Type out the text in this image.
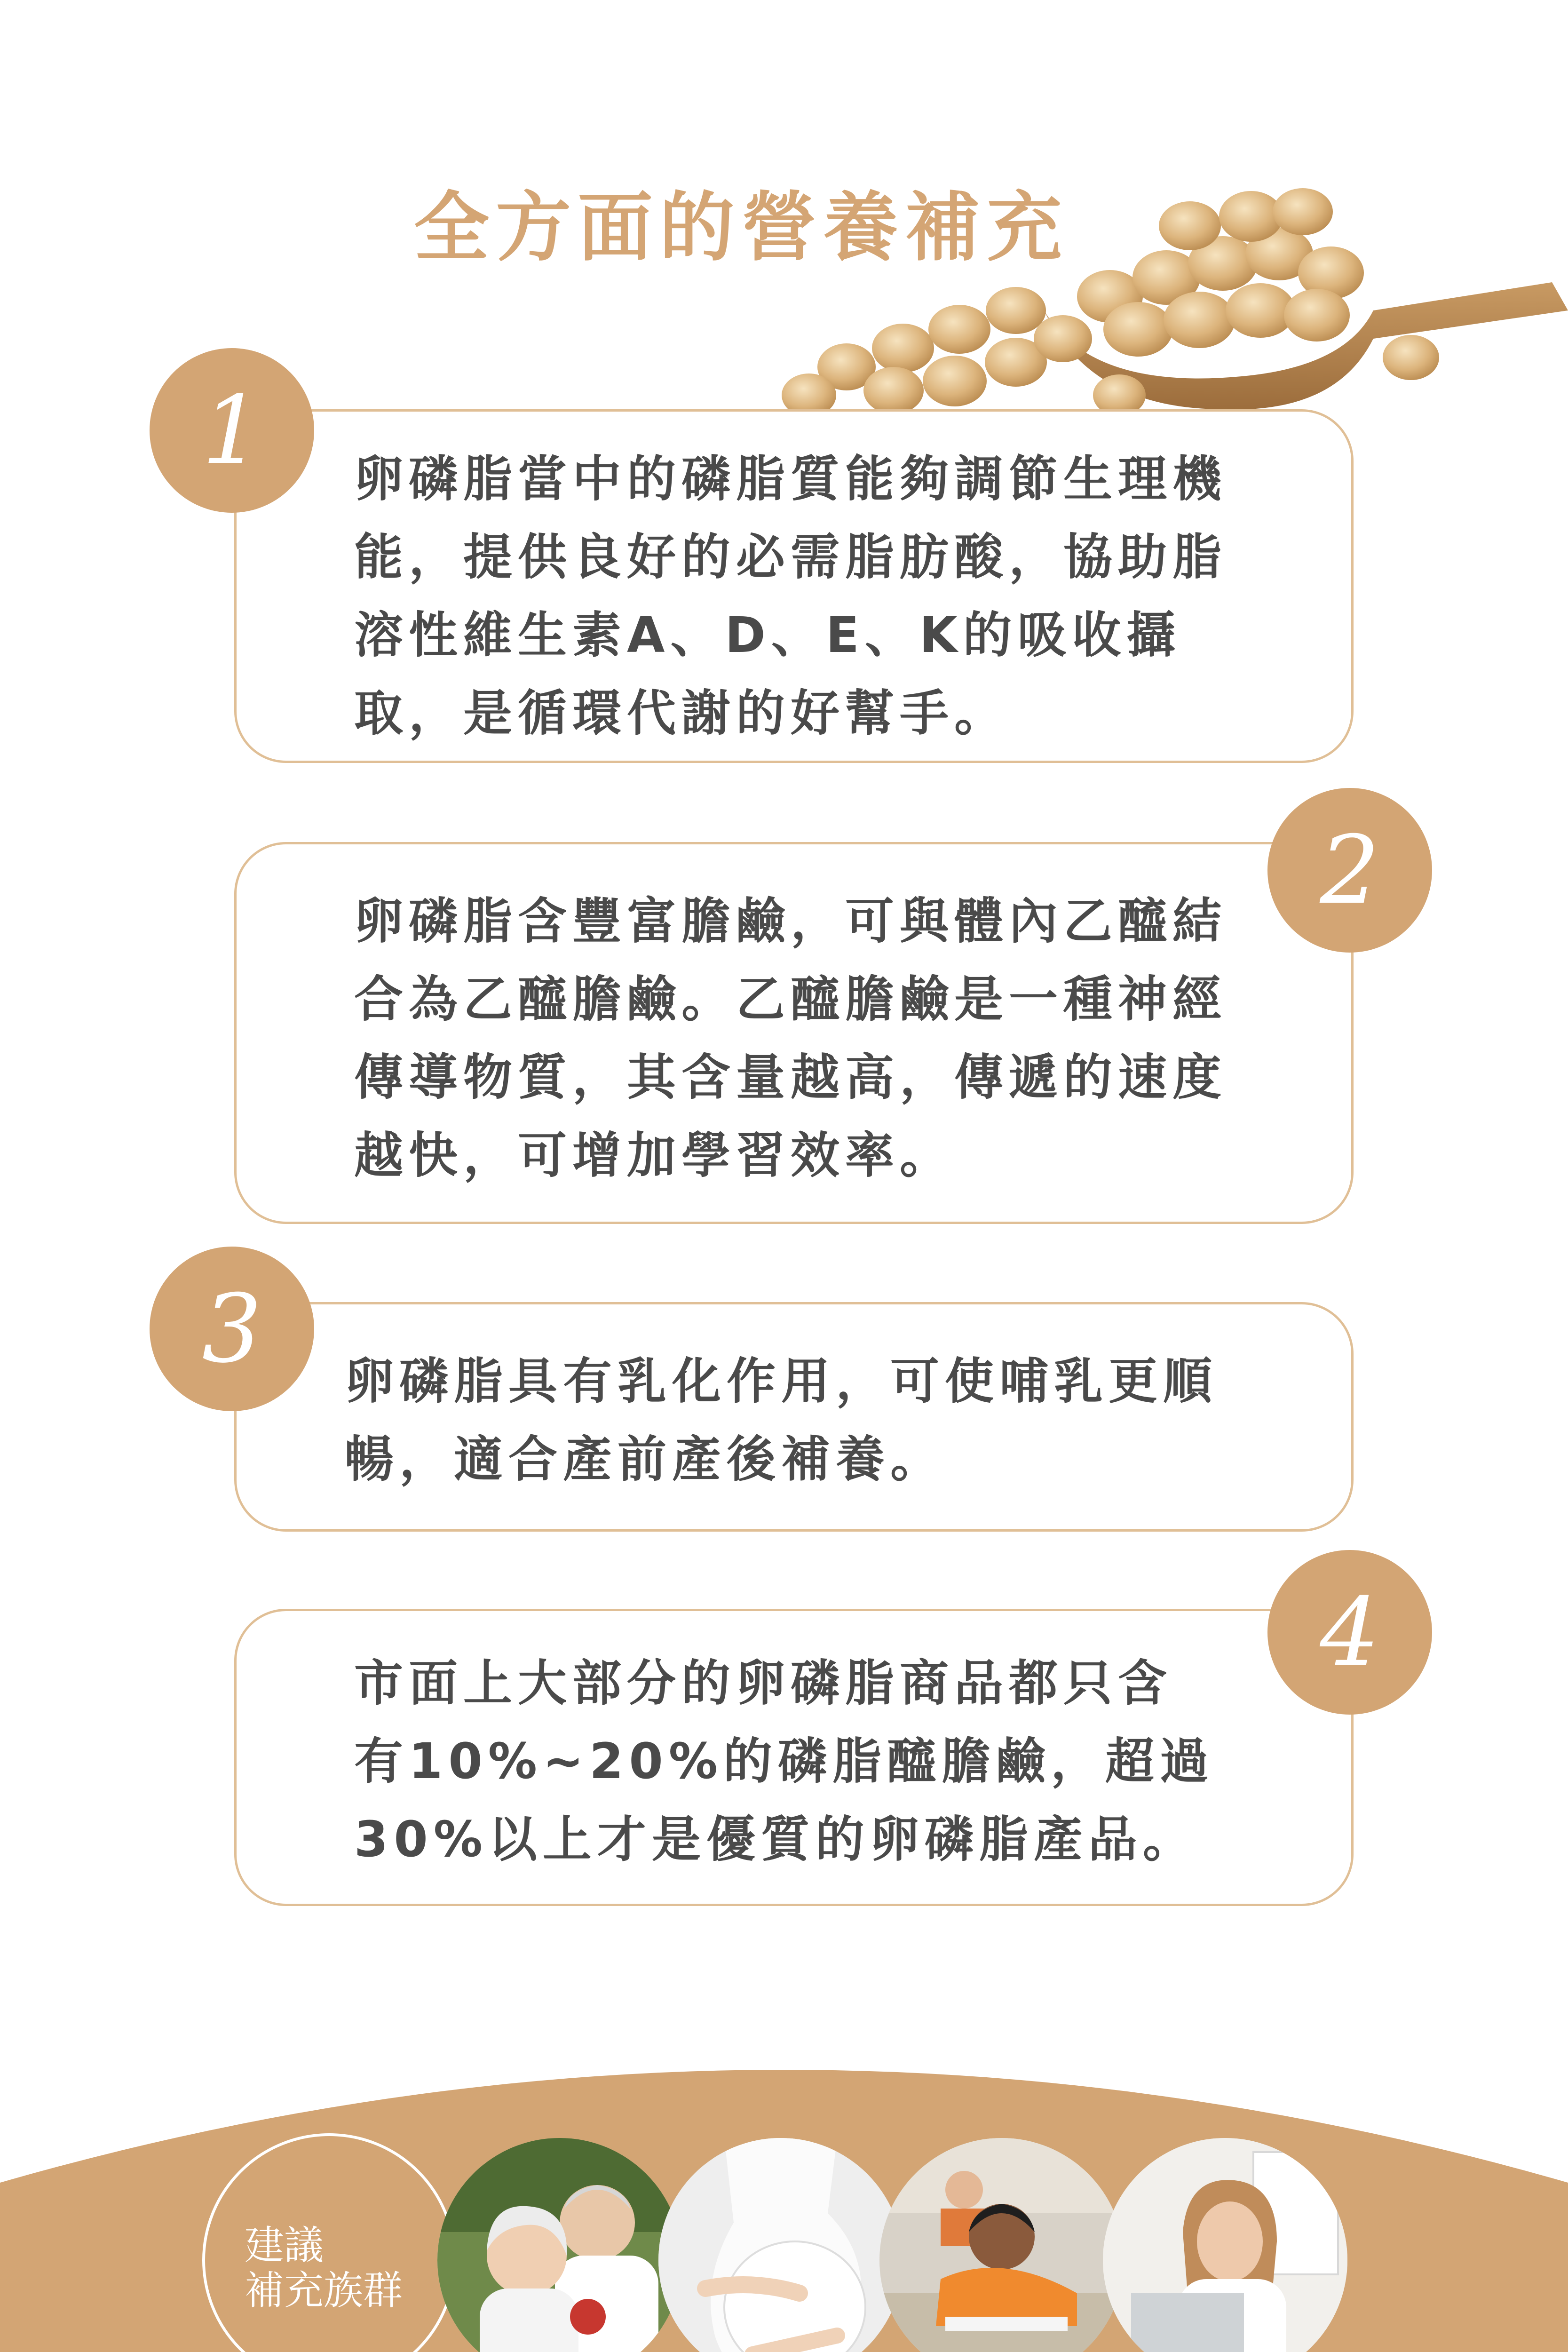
全方面的營養補充
卵磷脂當中的磷脂質能夠調節生理機
能，提供良好的必需脂肪酸，協助脂
溶性維生素A、D、E、K的吸收攝
取，是循環代謝的好幫手。
1
卵磷脂含豐富膽鹼，可與體內乙醯結
合為乙醯膽鹼。乙醯膽鹼是一種神經
傳導物質，其含量越高，傳遞的速度
越快，可增加學習效率。
2
卵磷脂具有乳化作用，可使哺乳更順
暢，適合產前產後補養。
3
市面上大部分的卵磷脂商品都只含
有10%~20%的磷脂醯膽鹼，超過
30%以上才是優質的卵磷脂產品。
4
建議
補充族群
